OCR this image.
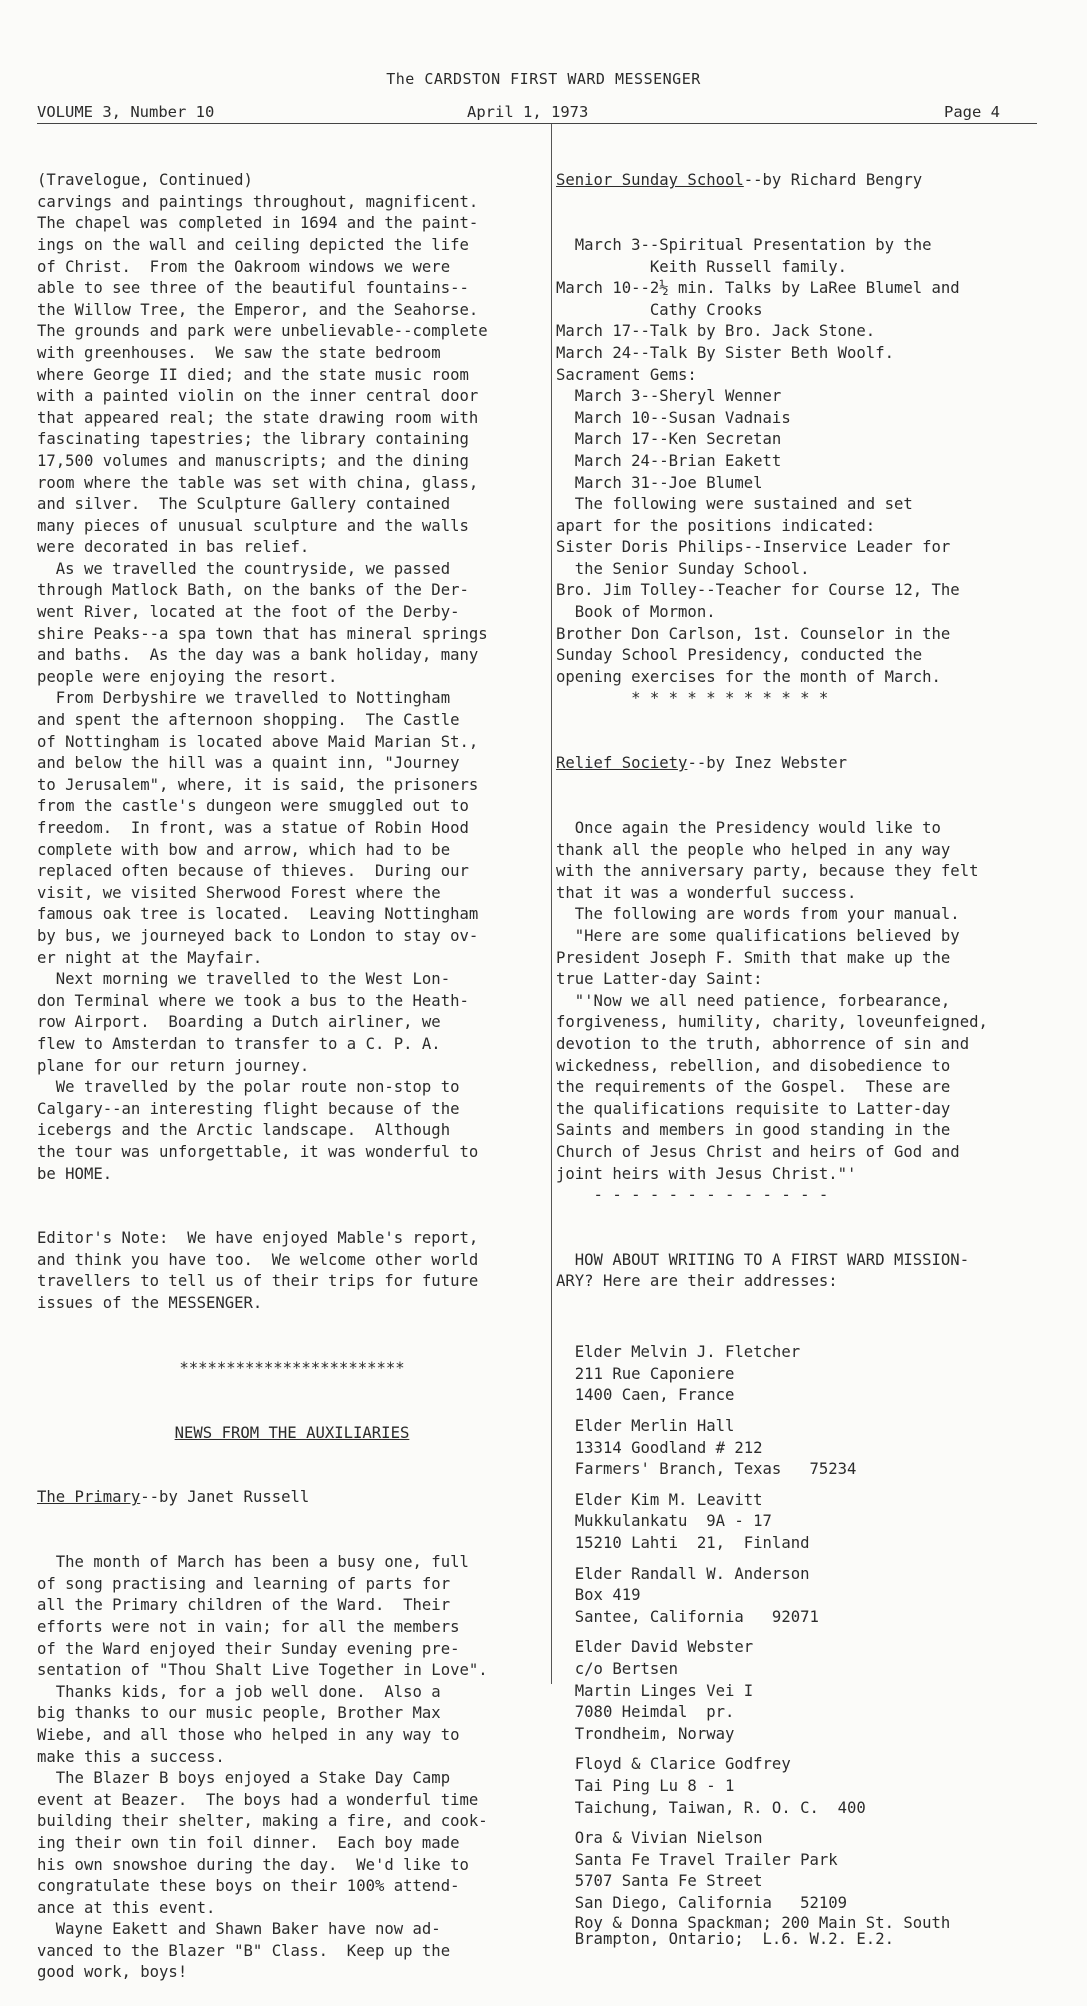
The CARDSTON FIRST WARD MESSENGER
VOLUME 3, Number 10	April 1, 1973	Page 4

(Travelogue, Continued)
carvings and paintings throughout, magnificent.
The chapel was completed in 1694 and the paint-
ings on the wall and ceiling depicted the life
of Christ.  From the Oakroom windows we were
able to see three of the beautiful fountains--
the Willow Tree, the Emperor, and the Seahorse.
The grounds and park were unbelievable--complete
with greenhouses.  We saw the state bedroom
where George II died; and the state music room
with a painted violin on the inner central door
that appeared real; the state drawing room with
fascinating tapestries; the library containing
17,500 volumes and manuscripts; and the dining
room where the table was set with china, glass,
and silver.  The Sculpture Gallery contained
many pieces of unusual sculpture and the walls
were decorated in bas relief.
As we travelled the countryside, we passed
through Matlock Bath, on the banks of the Der-
went River, located at the foot of the Derby-
shire Peaks--a spa town that has mineral springs
and baths.  As the day was a bank holiday, many
people were enjoying the resort.
From Derbyshire we travelled to Nottingham
and spent the afternoon shopping.  The Castle
of Nottingham is located above Maid Marian St.,
and below the hill was a quaint inn, "Journey
to Jerusalem", where, it is said, the prisoners
from the castle's dungeon were smuggled out to
freedom.  In front, was a statue of Robin Hood
complete with bow and arrow, which had to be
replaced often because of thieves.  During our
visit, we visited Sherwood Forest where the
famous oak tree is located.  Leaving Nottingham
by bus, we journeyed back to London to stay ov-
er night at the Mayfair.
Next morning we travelled to the West Lon-
don Terminal where we took a bus to the Heath-
row Airport.  Boarding a Dutch airliner, we
flew to Amsterdan to transfer to a C. P. A.
plane for our return journey.
We travelled by the polar route non-stop to
Calgary--an interesting flight because of the
icebergs and the Arctic landscape.  Although
the tour was unforgettable, it was wonderful to
be HOME.

Editor's Note:  We have enjoyed Mable's report,
and think you have too.  We welcome other world
travellers to tell us of their trips for future
issues of the MESSENGER.

************************

NEWS FROM THE AUXILIARIES

The Primary--by Janet Russell

The month of March has been a busy one, full
of song practising and learning of parts for
all the Primary children of the Ward.  Their
efforts were not in vain; for all the members
of the Ward enjoyed their Sunday evening pre-
sentation of "Thou Shalt Live Together in Love".
Thanks kids, for a job well done.  Also a
big thanks to our music people, Brother Max
Wiebe, and all those who helped in any way to
make this a success.
The Blazer B boys enjoyed a Stake Day Camp
event at Beazer.  The boys had a wonderful time
building their shelter, making a fire, and cook-
ing their own tin foil dinner.  Each boy made
his own snowshoe during the day.  We'd like to
congratulate these boys on their 100% attend-
ance at this event.
Wayne Eakett and Shawn Baker have now ad-
vanced to the Blazer "B" Class.  Keep up the
good work, boys!

Senior Sunday School--by Richard Bengry

March 3--Spiritual Presentation by the
Keith Russell family.
March 10--2½ min. Talks by LaRee Blumel and
Cathy Crooks
March 17--Talk by Bro. Jack Stone.
March 24--Talk By Sister Beth Woolf.
Sacrament Gems:
March 3--Sheryl Wenner
March 10--Susan Vadnais
March 17--Ken Secretan
March 24--Brian Eakett
March 31--Joe Blumel
The following were sustained and set
apart for the positions indicated:
Sister Doris Philips--Inservice Leader for
the Senior Sunday School.
Bro. Jim Tolley--Teacher for Course 12, The
Book of Mormon.
Brother Don Carlson, 1st. Counselor in the
Sunday School Presidency, conducted the
opening exercises for the month of March.
* * * * * * * * * * *

Relief Society--by Inez Webster

Once again the Presidency would like to
thank all the people who helped in any way
with the anniversary party, because they felt
that it was a wonderful success.
The following are words from your manual.
"Here are some qualifications believed by
President Joseph F. Smith that make up the
true Latter-day Saint:
"'Now we all need patience, forbearance,
forgiveness, humility, charity, loveunfeigned,
devotion to the truth, abhorrence of sin and
wickedness, rebellion, and disobedience to
the requirements of the Gospel.  These are
the qualifications requisite to Latter-day
Saints and members in good standing in the
Church of Jesus Christ and heirs of God and
joint heirs with Jesus Christ."'
- - - - - - - - - - - - -

HOW ABOUT WRITING TO A FIRST WARD MISSION-
ARY? Here are their addresses:

Elder Melvin J. Fletcher
211 Rue Caponiere
1400 Caen, France
Elder Merlin Hall
13314 Goodland # 212
Farmers' Branch, Texas   75234
Elder Kim M. Leavitt
Mukkulankatu  9A - 17
15210 Lahti  21,  Finland
Elder Randall W. Anderson
Box 419
Santee, California   92071
Elder David Webster
c/o Bertsen
Martin Linges Vei I
7080 Heimdal  pr.
Trondheim, Norway
Floyd & Clarice Godfrey
Tai Ping Lu 8 - 1
Taichung, Taiwan, R. O. C.  400
Ora & Vivian Nielson
Santa Fe Travel Trailer Park
5707 Santa Fe Street
San Diego, California   52109
Roy & Donna Spackman; 200 Main St. South
Brampton, Ontario;  L.6. W.2. E.2.
